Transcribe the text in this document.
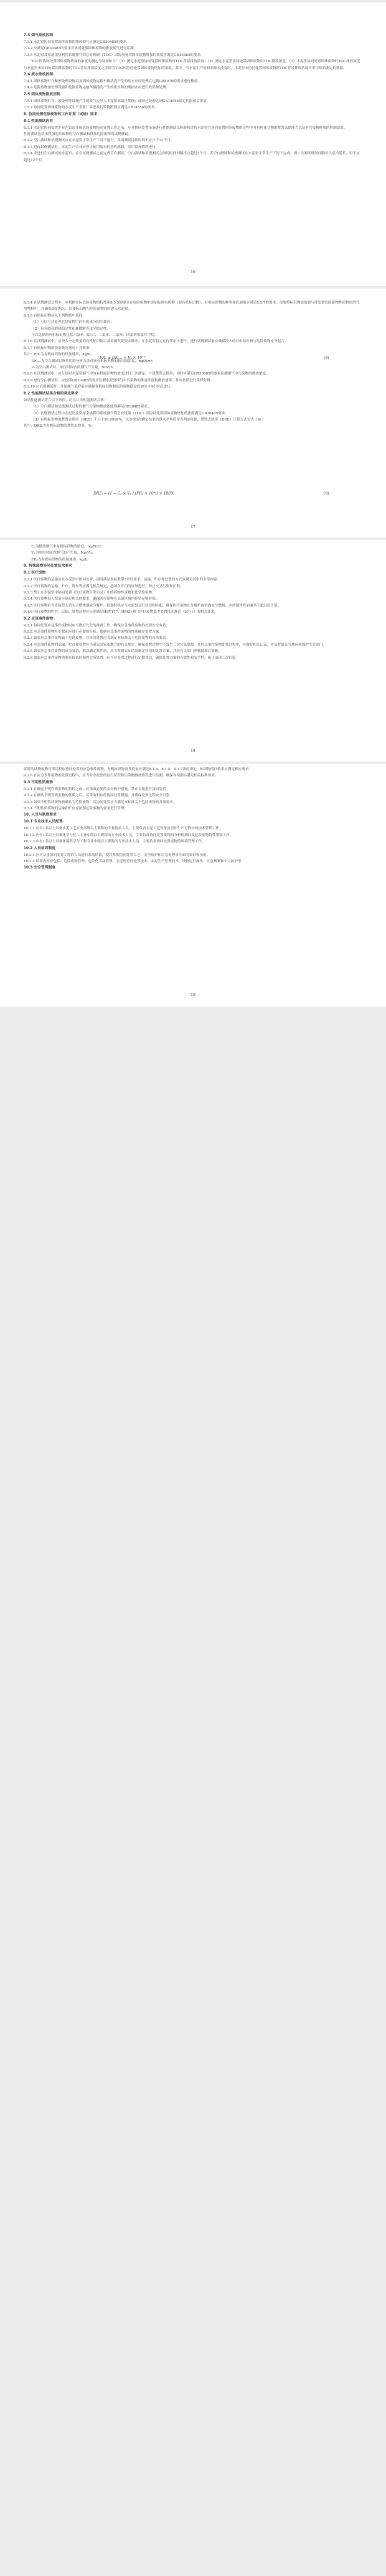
7.3 烟气排放控制

7.3.1 水泥窑协同处置固体废物的排放烟气应满足GB30485的要求。

7.3.2 应满足GB30485的要求对协同处置固体废物的排放烟气进行监测。

7.3.5 水泥窑及窑尾余热利用系统排气筒总有机碳（TOC）因协同处置固体废物增加的浓度应满足GB30485的要求。

TOC因协同处置固体废物增加的浓度的测定分别按如下：（1）测定水泥窑协同处置固体废物时TOC背景排放浓度；（2）测定水泥窑协同处置固体废物时TOC排放浓度；（3）水泥窑协同处置固体废物时TOC排放浓度与水泥窑未协同处置固体废物时TOC背景排放浓度之差即为TOC因协同处置固体废物增加的浓度。其中，当水泥生产原料来源未改变时，水泥窑未协同处置固体废物时TOC背景排放浓度可采用原始测定的数据。

7.4 废水排放控制

7.4.1 固体废物贮存和预处理设施以及固体废物运输车辆清洗产生的废水应经处理后达到GB8978的要求进行排放。

7.4.2 危险废物预处理设施和危险废物运输车辆清洗产生的废水和初期雨水应进行收集和处理。

7.5 固体废物排放控制

7.5.1 固体废物贮存、预处理等设施产生的废气应导入水泥窑高温区焚烧；或经过处理达到GB14554规定的限值后排放。

7.5.2 协同处置固体废物的水泥生产企业厂界恶臭污染物限值应满足GB14554的要求。

8. 协同处置危险废物的工作计划（试烧）要求

8.1 性能测试内容

8.1.1 水泥窑协同处置企业在首次开展危险废物协同处置工作之前，应对协同处置设施进行性能测试以检验和评价水泥窑在协同处置危险废物的过程中对有机化合物的焚毁去除能力以及对污染物排放的控制效果。

性能测试包括未投加危险废物的空白测试和投加危险废物的试烧测试。

8.1.2 空白测试和试烧测试应在水泥窑正常生产工况下进行，各项测试持续时间不应少于12个月。

8.1.3 进行试烧测试时，水泥生产企业应停止使用现有的替代燃料，采用常规燃料进行。

8.1.4 未进行空白测试的水泥窑，应在试烧测试之前完成空白测试，空白测试和试烧测试之间的时间间隔不宜超过3个月，若空白测试和试烧测试在水泥窑正常生产工况下完成，则二次测试时间间隔可以适当延长，但不应超过12个月。

16

8.1.4 在试烧测试过程中，应根据实际危险废物的特性和8.3.5的要求在危险废物中添加标准有机物（即有机标识物），有机标识物的种类和投加量应满足8.3.7的要求。需要将标识物添加到与待处置危险废物性质相似的代用物料中，并确保添加均匀，以使标识物与危险废物同时进入水泥窑。

8.1.5 有机标识物应从下列物质中选择：

（1）可以与待处理危险废物中的有机成分相互兼容；

（2）具有较高的热稳定性和难降解等化学稳定性。

可以选择的有机标识物包括六氯苯（SF₆）、二氯苯、三氯苯、四氯苯和氯代甲烷。

8.1.6 在试烧测试中，应投入一定数量的有机标识物以及检测其焚毁去除率。在水泥窑稳定运行状态下进行，进行试烧测试前应确保投入的有机标识物与危险废物充分混合。

8.1.7 有机标识物的投加量应满足下式要求：

其中：FR₂为有机标识物的投加速率，kg/h；

DEₘᵢₙ为空白测试时所采用的分析方法对该有机标识物的检出限浓度，ng/Nm³；

Vₓ为空白测试时，单位时间内的烟气产生量，Nm³/h。

8.1.8 在试烧测试中，应分别对水泥窑烟气中该有机标识物的浓度进行三次测定，计算焚毁去除率，同时应满足GB30485的要求监测烟气中污染物的排放浓度。

8.1.9 进行空白测试时，应按照GB30485的要求监测水泥窑烟气中污染物的排放浓度和排放速率，并应按照进行采样分析。

8.1.10 在试烧测试时，开始烟气采样前应确保有机标识物和危险废物稳定投加至少4小时后进行。

8.2 性能测试结果合格的判定要求

如果性能测试符合以下条件，可以认为性能测试合格：

（1）空白测试和试烧测试过程的烟气污染物排放浓度均满足GB30485要求；

（2）试烧测试过程中水泥窑及窑尾余热利用系统排气筒总有机碳（TOC）因协同处置固体废物增加的浓度满足GB30485要求；

（3）有机标识物的焚毁去除率（DRE）不小于99.9999%，以连续3次测定结果的算术平均值作为判定依据。焚毁去除率（DRE）计算公式见式（9）：

其中：DREᵢ为有机标识物的焚毁去除率，%；

FR₂ ≥ DEₘᵢₙ × Vₓ × 10⁻⁹	(8)
DREᵢ = (1 − Cₑ × Vₓ / (FR₂ × 10⁹)) × 100%	(9)
17

Cₑ为排放烟气中有机标识物的浓度，ng/Nm³；

Vₓ为单位时间内烟气的产生量，Nm³/h；

FR₂为有机标识物的投加速率，kg/h。

9. 特殊废物协同处置技术要求

9.1 医疗废物

9.1.1 医疗废物的运输应在水泥窑中协同处置，同时满足本标准第5章的要求。运输、贮存和处置的方式应满足其中的全部内容。

9.1.2 医疗废物的运输、贮存、卸车等应满足相关规定，必须在专门的区域进行，防止交叉污染和扩散。

9.1.3 禁止在水泥窑中协同处置《医疗废物分类目录》中的药物性废物和化学性废物。

9.1.4 医疗废物投入窑前应满足相关的要求，确保医疗废物在高温区域内停留足够时间。

9.1.5 医疗废物应当直接投入窑头主燃烧器或分解炉，投加时机应与水泥窑运行状况相匹配，确保医疗废物在分解炉或窑内充分燃烧，并控制其投加速率不超过设计值。

9.1.6 医疗废物的贮存、运输、处置过程应分别满足HJ/T177、HJ421和《医疗废物集中处置技术规范（试行）》的相关要求。

9.2 应急事件废物

9.2.1 协同处置应急事件废物时应当做好充分的准备工作，确保应急事件废物的处置安全有效。

9.2.2 应急事件废物在处置前应进行必要的分析，根据应急事件废物的性质确定处置方案。

9.2.3 如果应急事件废物属于危险废物，其协同处置应当满足本标准关于危险废物的各项要求。

9.2.4 应急事件废物的运输、贮存和处置应当满足国家和地方的有关规定，确保处置过程中不发生二次污染事故。在应急事件废物处置过程中，应做好相关记录，并及时报告当地环境保护主管部门。

9.2.5 如果应急事件废物的成分复杂，难以确定其性质，应当根据实际情况制定特别的处置方案，并经有关部门审核批准后实施。

9.2.6 如果应急事件废物需要在较长时间内完成处置，应当对处置过程进行定期评估，确保处置方案的有效性和安全性，防止出现二次污染。

18

试时的试烧废物可采用投加协同处置的应急事件废物，有机标识物及其投加应满足8.1.4、8.1.5、8.1.7条的规定。标识物的回收率应满足相应要求。

9.2.6 在应急事件废物的处置过程中，应当对水泥窑的运行状况和污染物排放情况进行监测，确保各项指标满足相关标准要求。

9.3 不明性质废物

9.3.1 在确定不明性质废物的特性之前，应采取必要的安全防护措施，禁止直接进行协同处置。

9.3.2 在确认不明性质废物的性质之后，可采取相应的协同处置措施，并确保处置过程安全可靠。

9.3.3 如果不明性质废物被确认为危险废物，其协同处置应当满足本标准关于危险废物的各项要求。

9.3.4 不明性质废物的运输和贮存应按照危险废物的要求进行管理。

10. 人员与制度要求

10.1 专业技术人员配置

10.1.1 应有1名以上具备水泥工艺专业高级以上职称的专业技术人员，主要负责水泥工艺设备及窑炉生产过程中的技术管理工作。

10.1.2 应有1名以上具备化学与化工专业中级以上职称的专业技术人员，主要负责协同处置废物的分析检测以及危险废物特性鉴别工作。

10.1.3 应有1名以上具备环境科学与工程专业中级以上职称的专业技术人员，主要负责协同处置废物的环境管理工作。

10.2 人员培训制度

10.2.1 应对从事协同处置工作的人员进行系统培训，使其掌握协同处置工艺、安全防护和应急处理等方面的知识和技能。

10.2.2 培训内容应包括：危险废物管理、危险化学品管理、水泥窑协同处置技术、水泥生产管理技术、设备运行操作、应急预案和个人防护等。

10.3 安全管理制度

19
